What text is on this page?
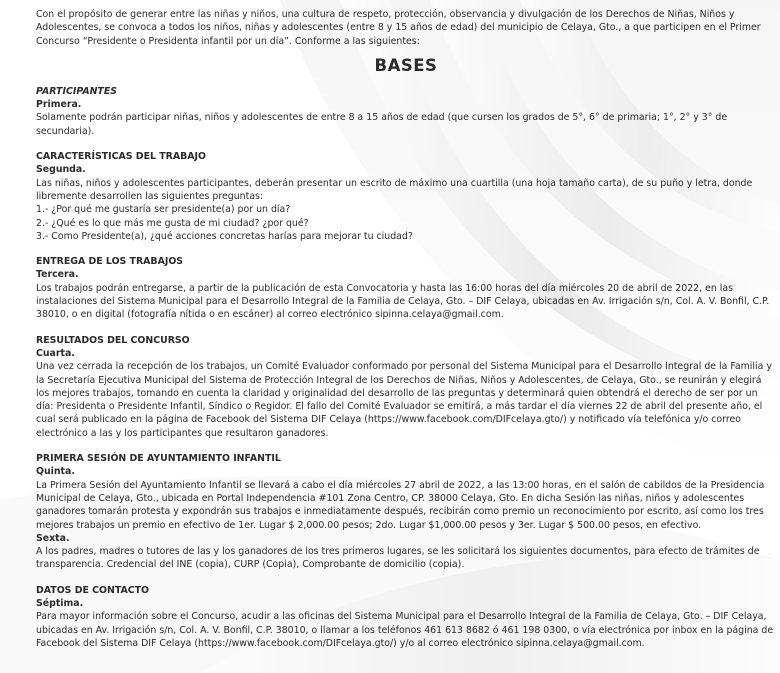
Con el propósito de generar entre las niñas y niños, una cultura de respeto, protección, observancia y divulgación de los Derechos de Niñas, Niños y Adolescentes, se convoca a todos los niños, niñas y adolescentes (entre 8 y 15 años de edad) del municipio de Celaya, Gto., a que participen en el Primer Concurso “Presidente o Presidenta infantil por un día”. Conforme a las siguientes:

BASES

PARTICIPANTES

Primera.

Solamente podrán participar niñas, niños y adolescentes de entre 8 a 15 años de edad (que cursen los grados de 5°, 6° de primaria; 1°, 2° y 3° de secundaria).

CARACTERÍSTICAS DEL TRABAJO

Segunda.

Las niñas, niños y adolescentes participantes, deberán presentar un escrito de máximo una cuartilla (una hoja tamaño carta), de su puño y letra, donde libremente desarrollen las siguientes preguntas:

1.- ¿Por qué me gustaría ser presidente(a) por un día?

2.- ¿Qué es lo que más me gusta de mi ciudad? ¿por qué?

3.- Como Presidente(a), ¿qué acciones concretas harías para mejorar tu ciudad?

ENTREGA DE LOS TRABAJOS

Tercera.

Los trabajos podrán entregarse, a partir de la publicación de esta Convocatoria y hasta las 16:00 horas del día miércoles 20 de abril de 2022, en las instalaciones del Sistema Municipal para el Desarrollo Integral de la Familia de Celaya, Gto. – DIF Celaya, ubicadas en Av. Irrigación s/n, Col. A. V. Bonfil, C.P. 38010, o en digital (fotografía nítida o en escáner) al correo electrónico sipinna.celaya@gmail.com.

RESULTADOS DEL CONCURSO

Cuarta.

Una vez cerrada la recepción de los trabajos, un Comité Evaluador conformado por personal del Sistema Municipal para el Desarrollo Integral de la Familia y la Secretaría Ejecutiva Municipal del Sistema de Protección Integral de los Derechos de Niñas, Niños y Adolescentes, de Celaya, Gto., se reunirán y elegirá los mejores trabajos, tomando en cuenta la claridad y originalidad del desarrollo de las preguntas y determinará quien obtendrá el derecho de ser por un día: Presidenta o Presidente Infantil, Síndico o Regidor. El fallo del Comité Evaluador se emitirá, a más tardar el día viernes 22 de abril del presente año, el cual será publicado en la página de Facebook del Sistema DIF Celaya (https://www.facebook.com/DIFcelaya.gto/) y notificado vía telefónica y/o correo electrónico a las y los participantes que resultaron ganadores.

PRIMERA SESIÓN DE AYUNTAMIENTO INFANTIL

Quinta.

La Primera Sesión del Ayuntamiento Infantil se llevará a cabo el día miércoles 27 abril de 2022, a las 13:00 horas, en el salón de cabildos de la Presidencia Municipal de Celaya, Gto., ubicada en Portal Independencia #101 Zona Centro, CP. 38000 Celaya, Gto. En dicha Sesión las niñas, niños y adolescentes ganadores tomarán protesta y expondrán sus trabajos e inmediatamente después, recibirán como premio un reconocimiento por escrito, así como los tres mejores trabajos un premio en efectivo de 1er. Lugar $ 2,000.00 pesos; 2do. Lugar $1,000.00 pesos y 3er. Lugar $ 500.00 pesos, en efectivo.

Sexta.

A los padres, madres o tutores de las y los ganadores de los tres primeros lugares, se les solicitará los siguientes documentos, para efecto de trámites de transparencia. Credencial del INE (copia), CURP (Copia), Comprobante de domicilio (copia).

DATOS DE CONTACTO

Séptima.

Para mayor información sobre el Concurso, acudir a las oficinas del Sistema Municipal para el Desarrollo Integral de la Familia de Celaya, Gto. – DIF Celaya, ubicadas en Av. Irrigación s/n, Col. A. V. Bonfil, C.P. 38010, o llamar a los teléfonos 461 613 8682 ó 461 198 0300, o vía electrónica por inbox en la página de Facebook del Sistema DIF Celaya (https://www.facebook.com/DIFcelaya.gto/) y/o al correo electrónico sipinna.celaya@gmail.com.
